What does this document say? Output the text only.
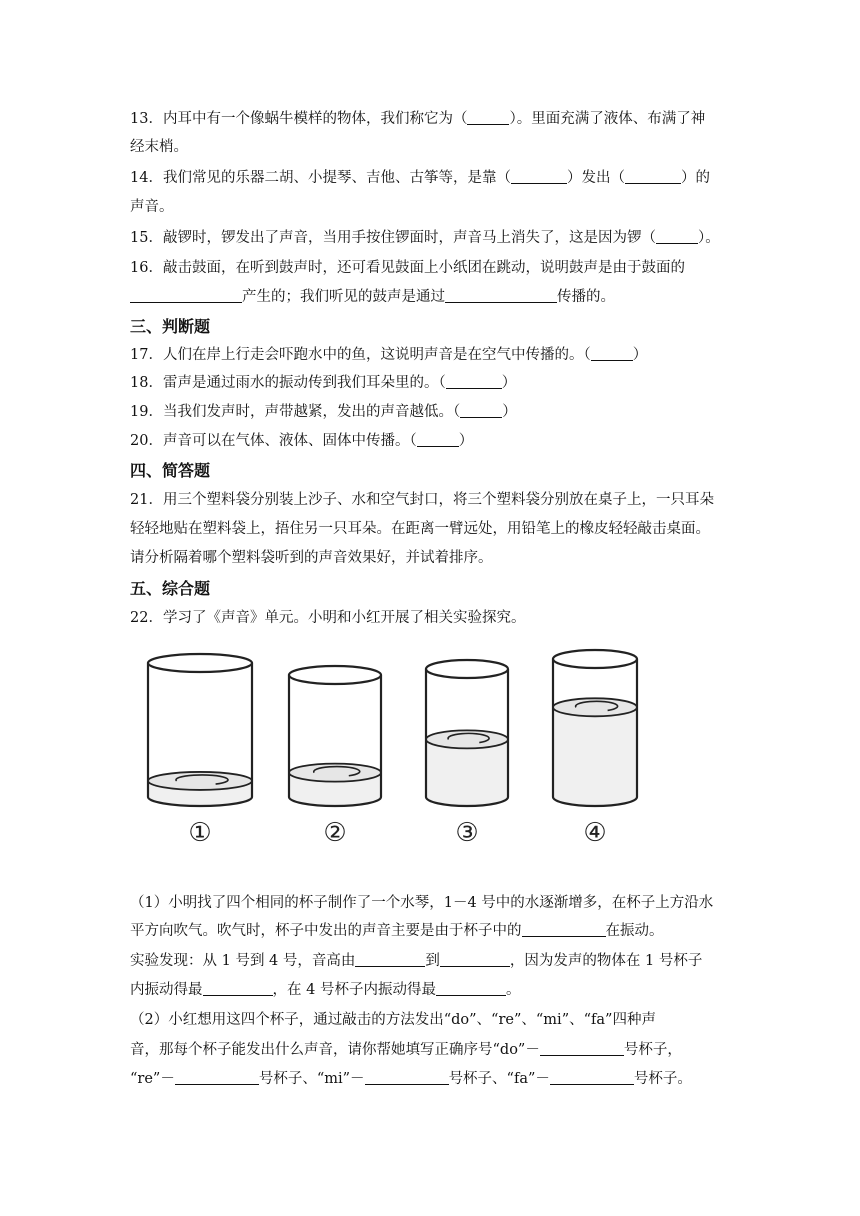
13．内耳中有一个像蜗牛模样的物体，我们称它为（	）。里面充满了液体、布满了神
经末梢。
14．我们常见的乐器二胡、小提琴、吉他、古筝等，是靠（	）发出（	）的
声音。
15．敲锣时，锣发出了声音，当用手按住锣面时，声音马上消失了，这是因为锣（	）。
16．敲击鼓面，在听到鼓声时，还可看见鼓面上小纸团在跳动，说明鼓声是由于鼓面的
产生的；我们听见的鼓声是通过	传播的。
三、判断题
17．人们在岸上行走会吓跑水中的鱼，这说明声音是在空气中传播的。（	）
18．雷声是通过雨水的振动传到我们耳朵里的。（	）
19．当我们发声时，声带越紧，发出的声音越低。（	）
20．声音可以在气体、液体、固体中传播。（	）
四、简答题
21．用三个塑料袋分别装上沙子、水和空气封口，将三个塑料袋分别放在桌子上，一只耳朵
轻轻地贴在塑料袋上，捂住另一只耳朵。在距离一臂远处，用铅笔上的橡皮轻轻敲击桌面。
请分析隔着哪个塑料袋听到的声音效果好，并试着排序。
五、综合题
22．学习了《声音》单元。小明和小红开展了相关实验探究。
①	②	③	④
（1）小明找了四个相同的杯子制作了一个水琴，1－4 号中的水逐渐增多，在杯子上方沿水
平方向吹气。吹气时，杯子中发出的声音主要是由于杯子中的	在振动。
实验发现：从 1 号到 4 号，音高由	到	，因为发声的物体在 1 号杯子
内振动得最	，在 4 号杯子内振动得最	。
（2）小红想用这四个杯子，通过敲击的方法发出“do”、“re”、“mi”、“fa”四种声
音，那每个杯子能发出什么声音，请你帮她填写正确序号“do”－	号杯子，
“re”－	号杯子、“mi”－	号杯子、“fa”－	号杯子。
